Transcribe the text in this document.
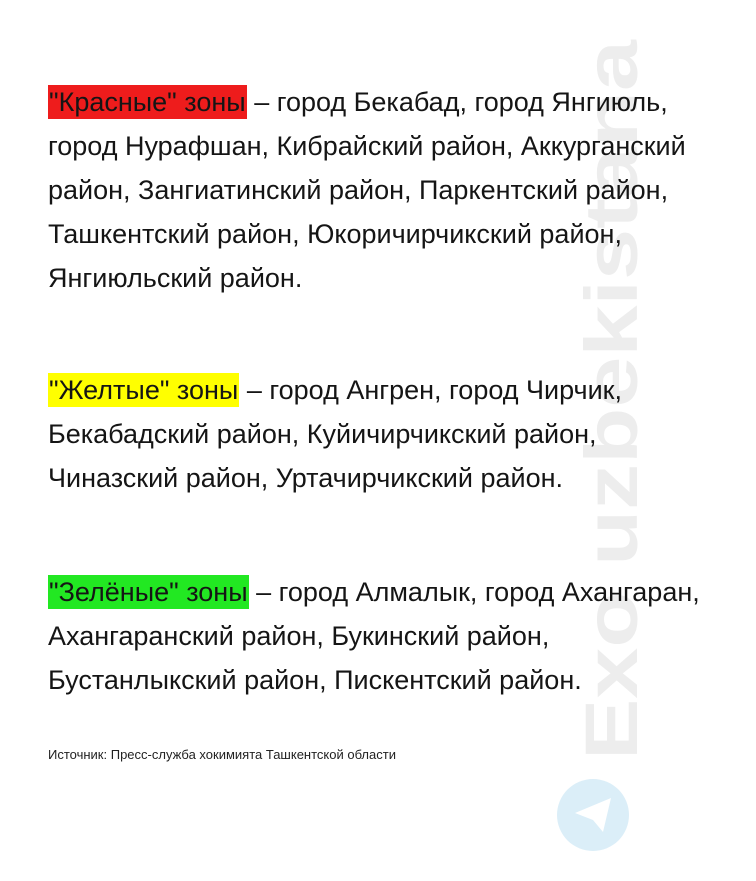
Exo uzbekistana

"Красные" зоны – город Бекабад, город Янгиюль,

город Нурафшан, Кибрайский район, Аккурганский

район, Зангиатинский район, Паркентский район,

Ташкентский район, Юкоричирчикский район,

Янгиюльский район.

"Желтые" зоны – город Ангрен, город Чирчик,

Бекабадский район, Куйичирчикский район,

Чиназский район, Уртачирчикский район.

"Зелёные" зоны – город Алмалык, город Ахангаран,

Ахангаранский район, Букинский район,

Бустанлыкский район, Пискентский район.

Источник: Пресс-служба хокимията Ташкентской области
